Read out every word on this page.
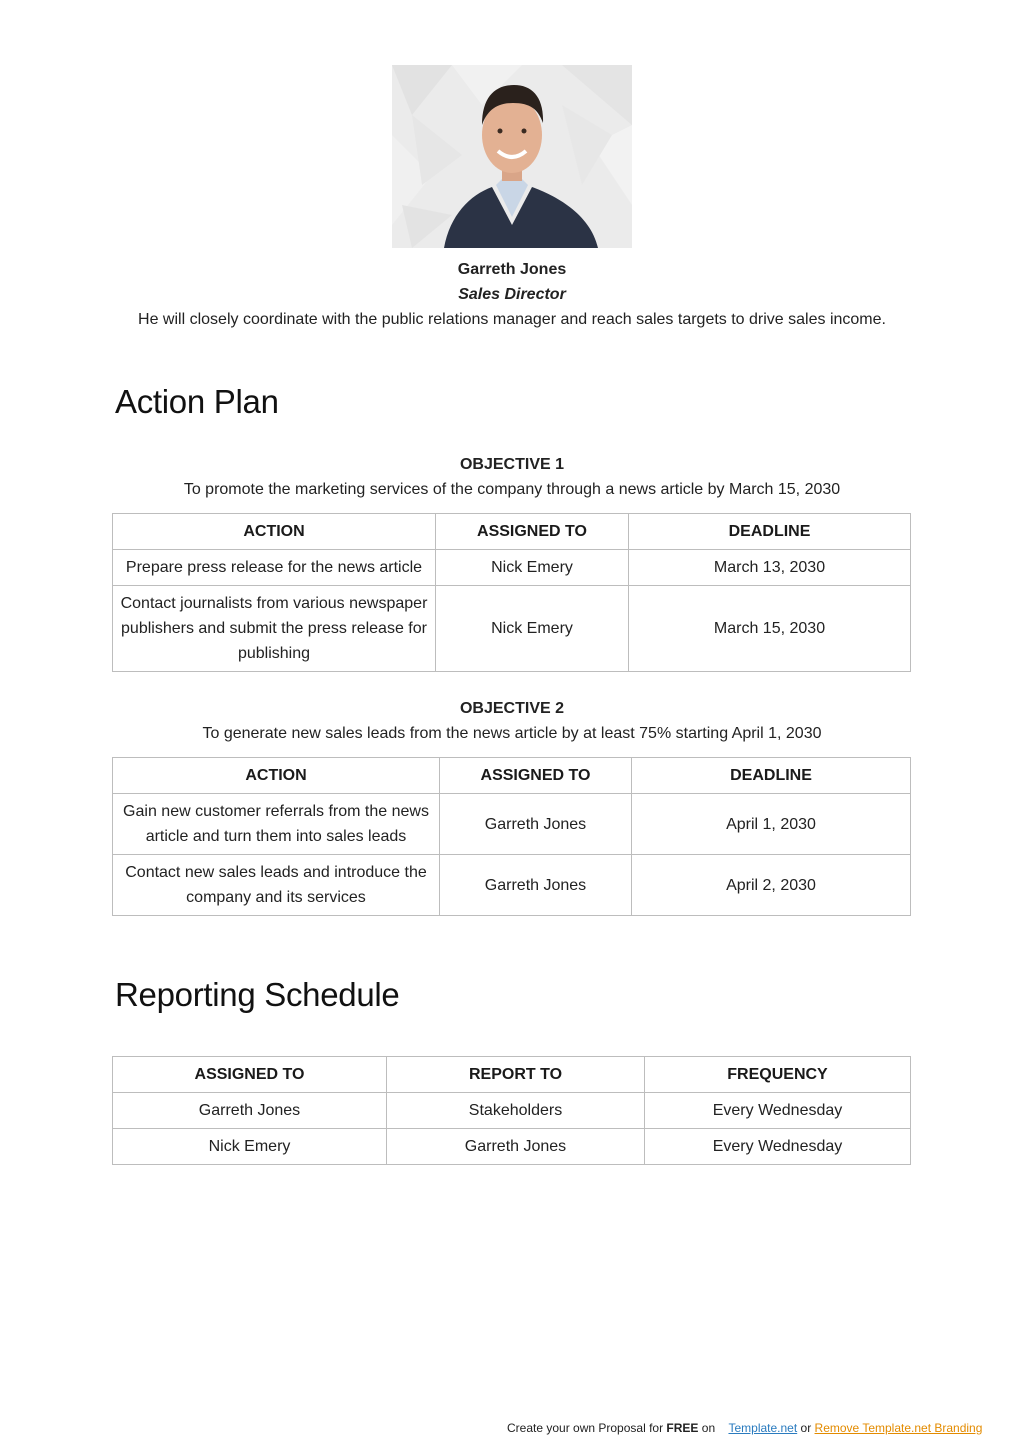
Garreth Jones
Sales Director
He will closely coordinate with the public relations manager and reach sales targets to drive sales income.
Action Plan
OBJECTIVE 1
To promote the marketing services of the company through a news article by March 15, 2030
ACTION	ASSIGNED TO	DEADLINE
Prepare press release for the news article	Nick Emery	March 13, 2030
Contact journalists from various newspaper publishers and submit the press release for publishing	Nick Emery	March 15, 2030
OBJECTIVE 2
To generate new sales leads from the news article by at least 75% starting April 1, 2030
ACTION	ASSIGNED TO	DEADLINE
Gain new customer referrals from the news article and turn them into sales leads	Garreth Jones	April 1, 2030
Contact new sales leads and introduce the company and its services	Garreth Jones	April 2, 2030
Reporting Schedule
ASSIGNED TO	REPORT TO	FREQUENCY
Garreth Jones	Stakeholders	Every Wednesday
Nick Emery	Garreth Jones	Every Wednesday
Create your own Proposal for FREE on Template.net or Remove Template.net Branding
